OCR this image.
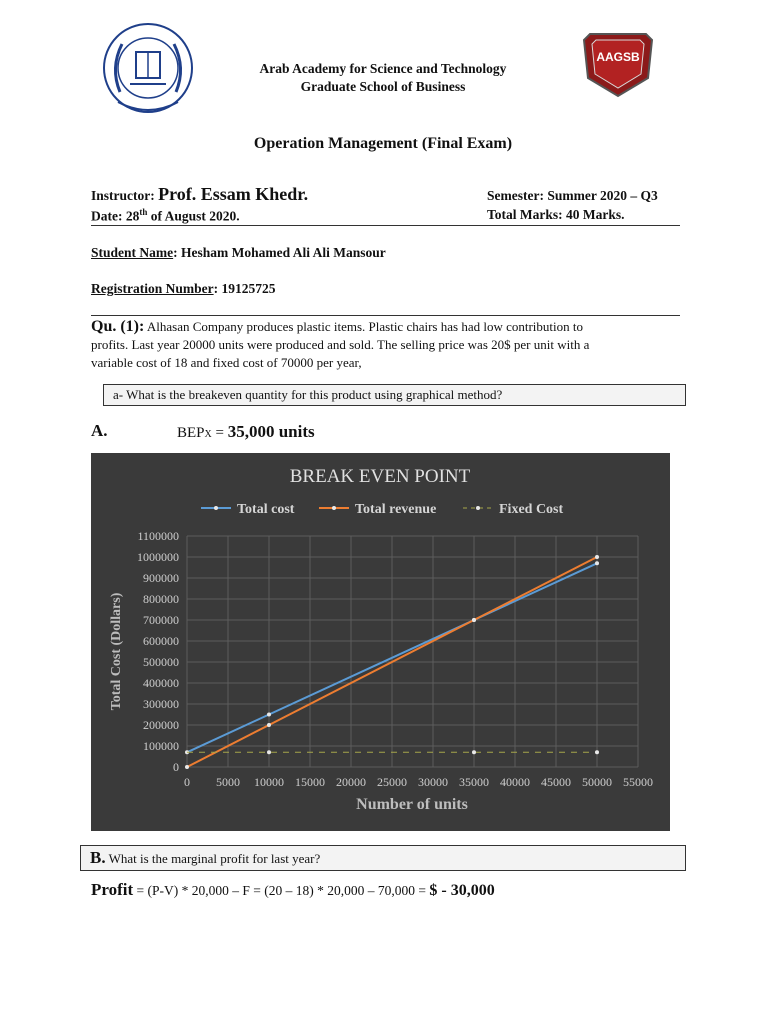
AAGSB
Arab Academy for Science and Technology
Graduate School of Business
Operation Management (Final Exam)
Instructor: Prof. Essam Khedr.
Date: 28th of August 2020.
Semester: Summer 2020 – Q3
Total Marks: 40 Marks.
Student Name: Hesham Mohamed Ali Ali Mansour
Registration Number: 19125725
Qu. (1): Alhasan Company produces plastic items. Plastic chairs has had low contribution to
profits. Last year 20000 units were produced and sold. The selling price was 20$ per unit with a
variable cost of 18 and fixed cost of 70000 per year,
a- What is the breakeven quantity for this product using graphical method?
A.	BEPX = 35,000 units
BREAK EVEN POINT
0
100000
200000
300000
400000
500000
600000
700000
800000
900000
1000000
1100000
0 5000 10000 15000 20000 25000 30000 35000 40000 45000 50000 55000
Number of units
Total Cost (Dollars)
Total cost	Total revenue	Fixed Cost
B. What is the marginal profit for last year?
Profit = (P-V) * 20,000 – F = (20 – 18) * 20,000 – 70,000 = $ - 30,000
